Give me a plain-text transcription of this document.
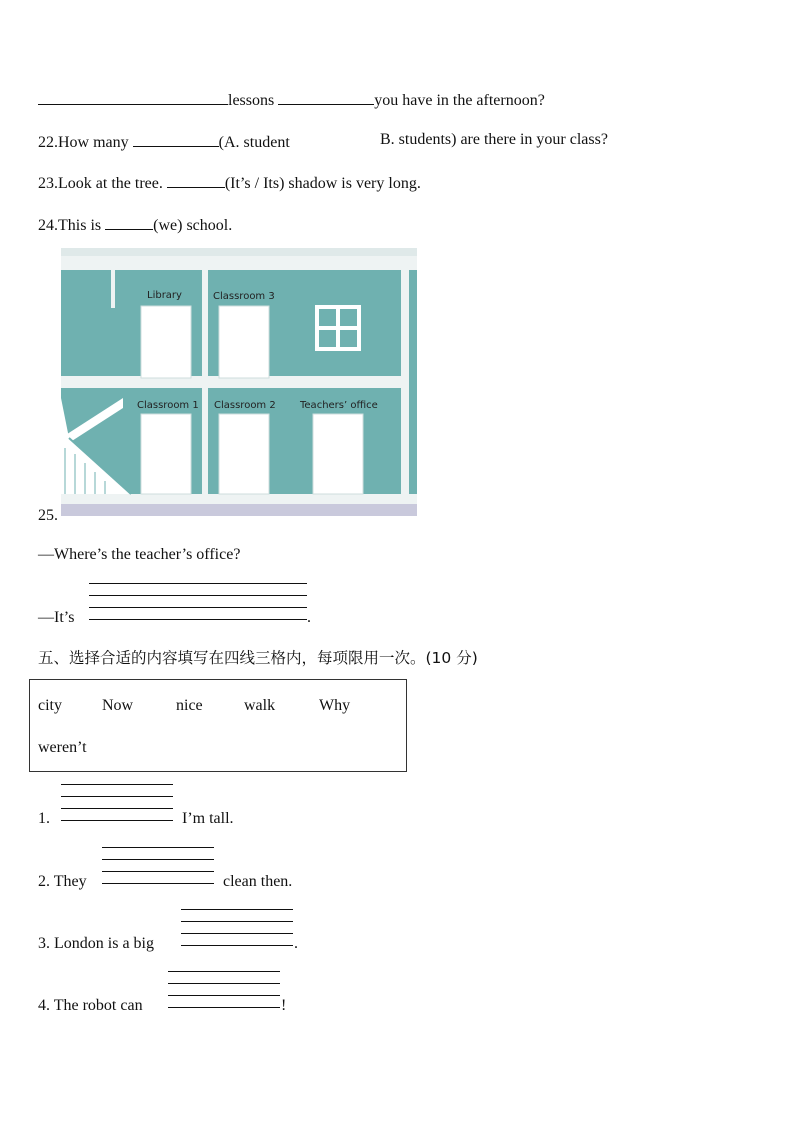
lessons	you have in the afternoon?
22.How many	(A. student	B. students) are there in your class?
23.Look at the tree.	(It’s / Its) shadow is very long.
24.This is	(we) school.
Library	Classroom 3
Classroom 1 Classroom 2 Teachers’ office
25.
—Where’s the teacher’s office?
—It’s	.
五、选择合适的内容填写在四线三格内，每项限用一次。(10 分)
city	Now	nice	walk	Why
weren’t
1.	I’m tall.
2. They	clean then.
3. London is a big	.
4. The robot can	!
